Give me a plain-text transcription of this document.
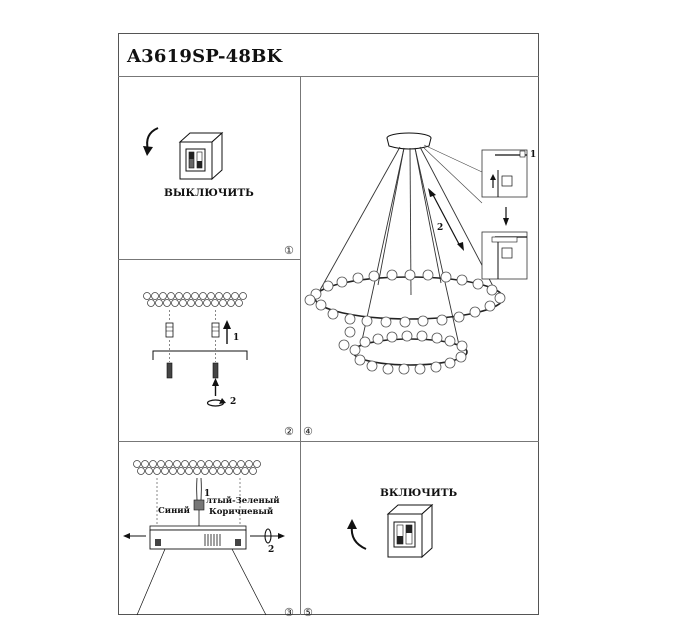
A3619SP-48BK
ВЫКЛЮЧИТЬ
①
1
2
②
1
2
④
1
лтый-Зеленый
Синий Коричневый
2
③
ВКЛЮЧИТЬ
⑤
